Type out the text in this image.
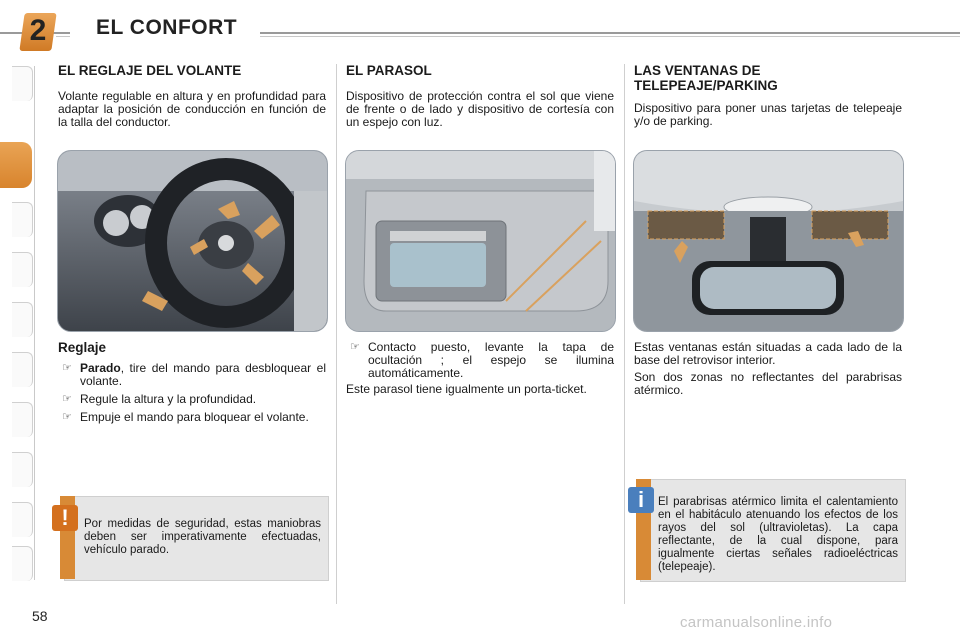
2	EL CONFORT
EL REGLAJE DEL VOLANTE

Volante regulable en altura y en profundidad para adaptar la posición de conducción en función de la talla del conductor.

Reglaje
☞ Parado, tire del mando para desbloquear el volante.
☞ Regule la altura y la profundidad.
☞ Empuje el mando para bloquear el volante.
!	Por medidas de seguridad, estas maniobras deben ser imperativamente efectuadas, vehículo parado.

EL PARASOL

Dispositivo de protección contra el sol que viene de frente o de lado y dispositivo de cortesía con un espejo con luz.

☞ Contacto puesto, levante la tapa de ocultación ; el espejo se ilumina automáticamente.

Este parasol tiene igualmente un porta-ticket.

LAS VENTANAS DE
TELEPEAJE/PARKING

Dispositivo para poner unas tarjetas de telepeaje y/o de parking.

Estas ventanas están situadas a cada lado de la base del retrovisor interior.

Son dos zonas no reflectantes del parabrisas atérmico.

i	El parabrisas atérmico limita el calentamiento en el habitáculo atenuando los efectos de los rayos del sol (ultravioletas). La capa reflectante, de la cual dispone, para igualmente ciertas señales radioeléctricas (telepeaje).

58	carmanualsonline.info
